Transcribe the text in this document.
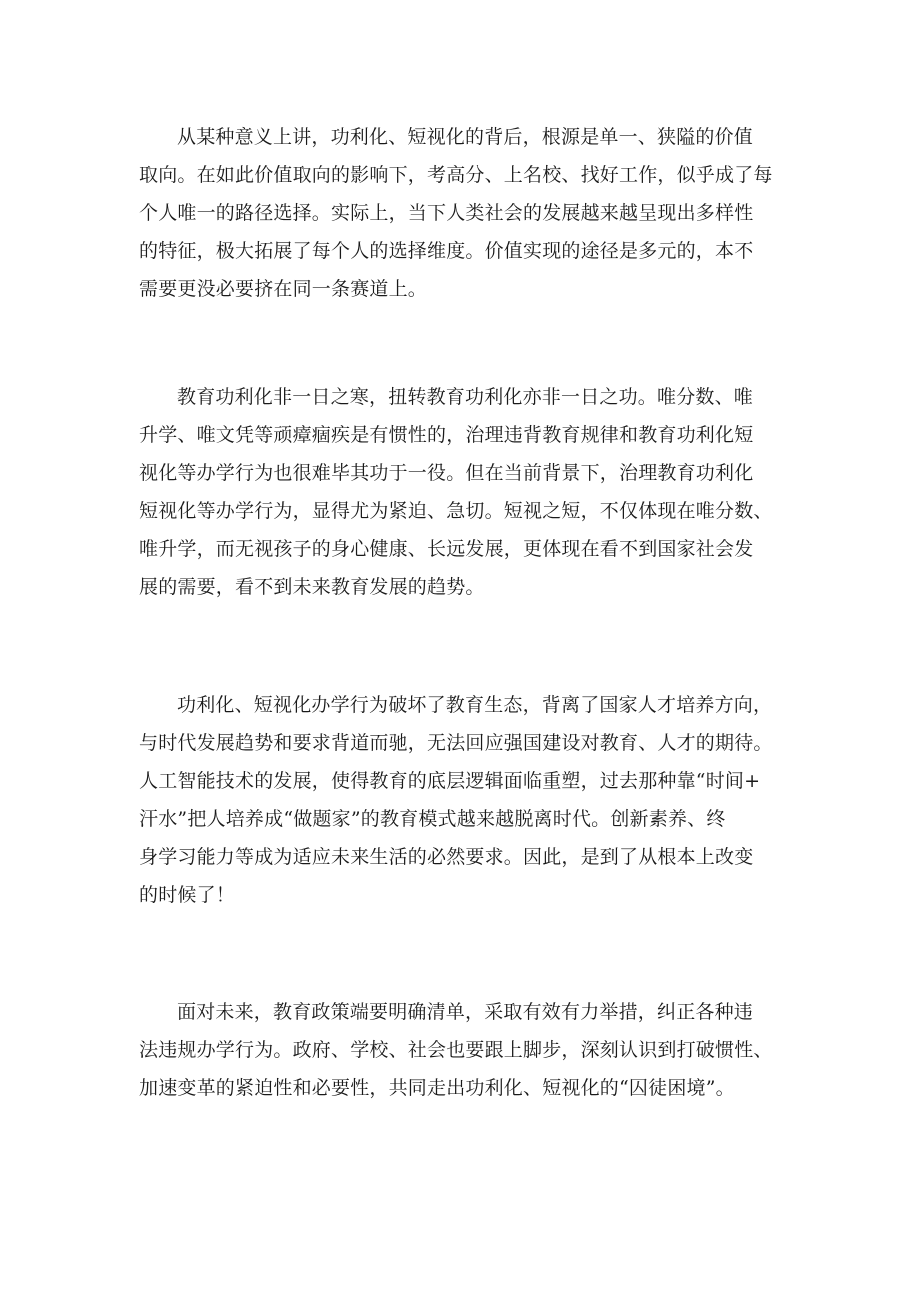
从某种意义上讲，功利化、短视化的背后，根源是单一、狭隘的价值
取向。在如此价值取向的影响下，考高分、上名校、找好工作，似乎成了每
个人唯一的路径选择。实际上，当下人类社会的发展越来越呈现出多样性
的特征，极大拓展了每个人的选择维度。价值实现的途径是多元的，本不
需要更没必要挤在同一条赛道上。
教育功利化非一日之寒，扭转教育功利化亦非一日之功。唯分数、唯
升学、唯文凭等顽瘴痼疾是有惯性的，治理违背教育规律和教育功利化短
视化等办学行为也很难毕其功于一役。但在当前背景下，治理教育功利化
短视化等办学行为，显得尤为紧迫、急切。短视之短，不仅体现在唯分数、
唯升学，而无视孩子的身心健康、长远发展，更体现在看不到国家社会发
展的需要，看不到未来教育发展的趋势。
功利化、短视化办学行为破坏了教育生态，背离了国家人才培养方向，
与时代发展趋势和要求背道而驰，无法回应强国建设对教育、人才的期待。
人工智能技术的发展，使得教育的底层逻辑面临重塑，过去那种靠“时间+
汗水”把人培养成“做题家”的教育模式越来越脱离时代。创新素养、终
身学习能力等成为适应未来生活的必然要求。因此，是到了从根本上改变
的时候了！
面对未来，教育政策端要明确清单，采取有效有力举措，纠正各种违
法违规办学行为。政府、学校、社会也要跟上脚步，深刻认识到打破惯性、
加速变革的紧迫性和必要性，共同走出功利化、短视化的“囚徒困境”。
